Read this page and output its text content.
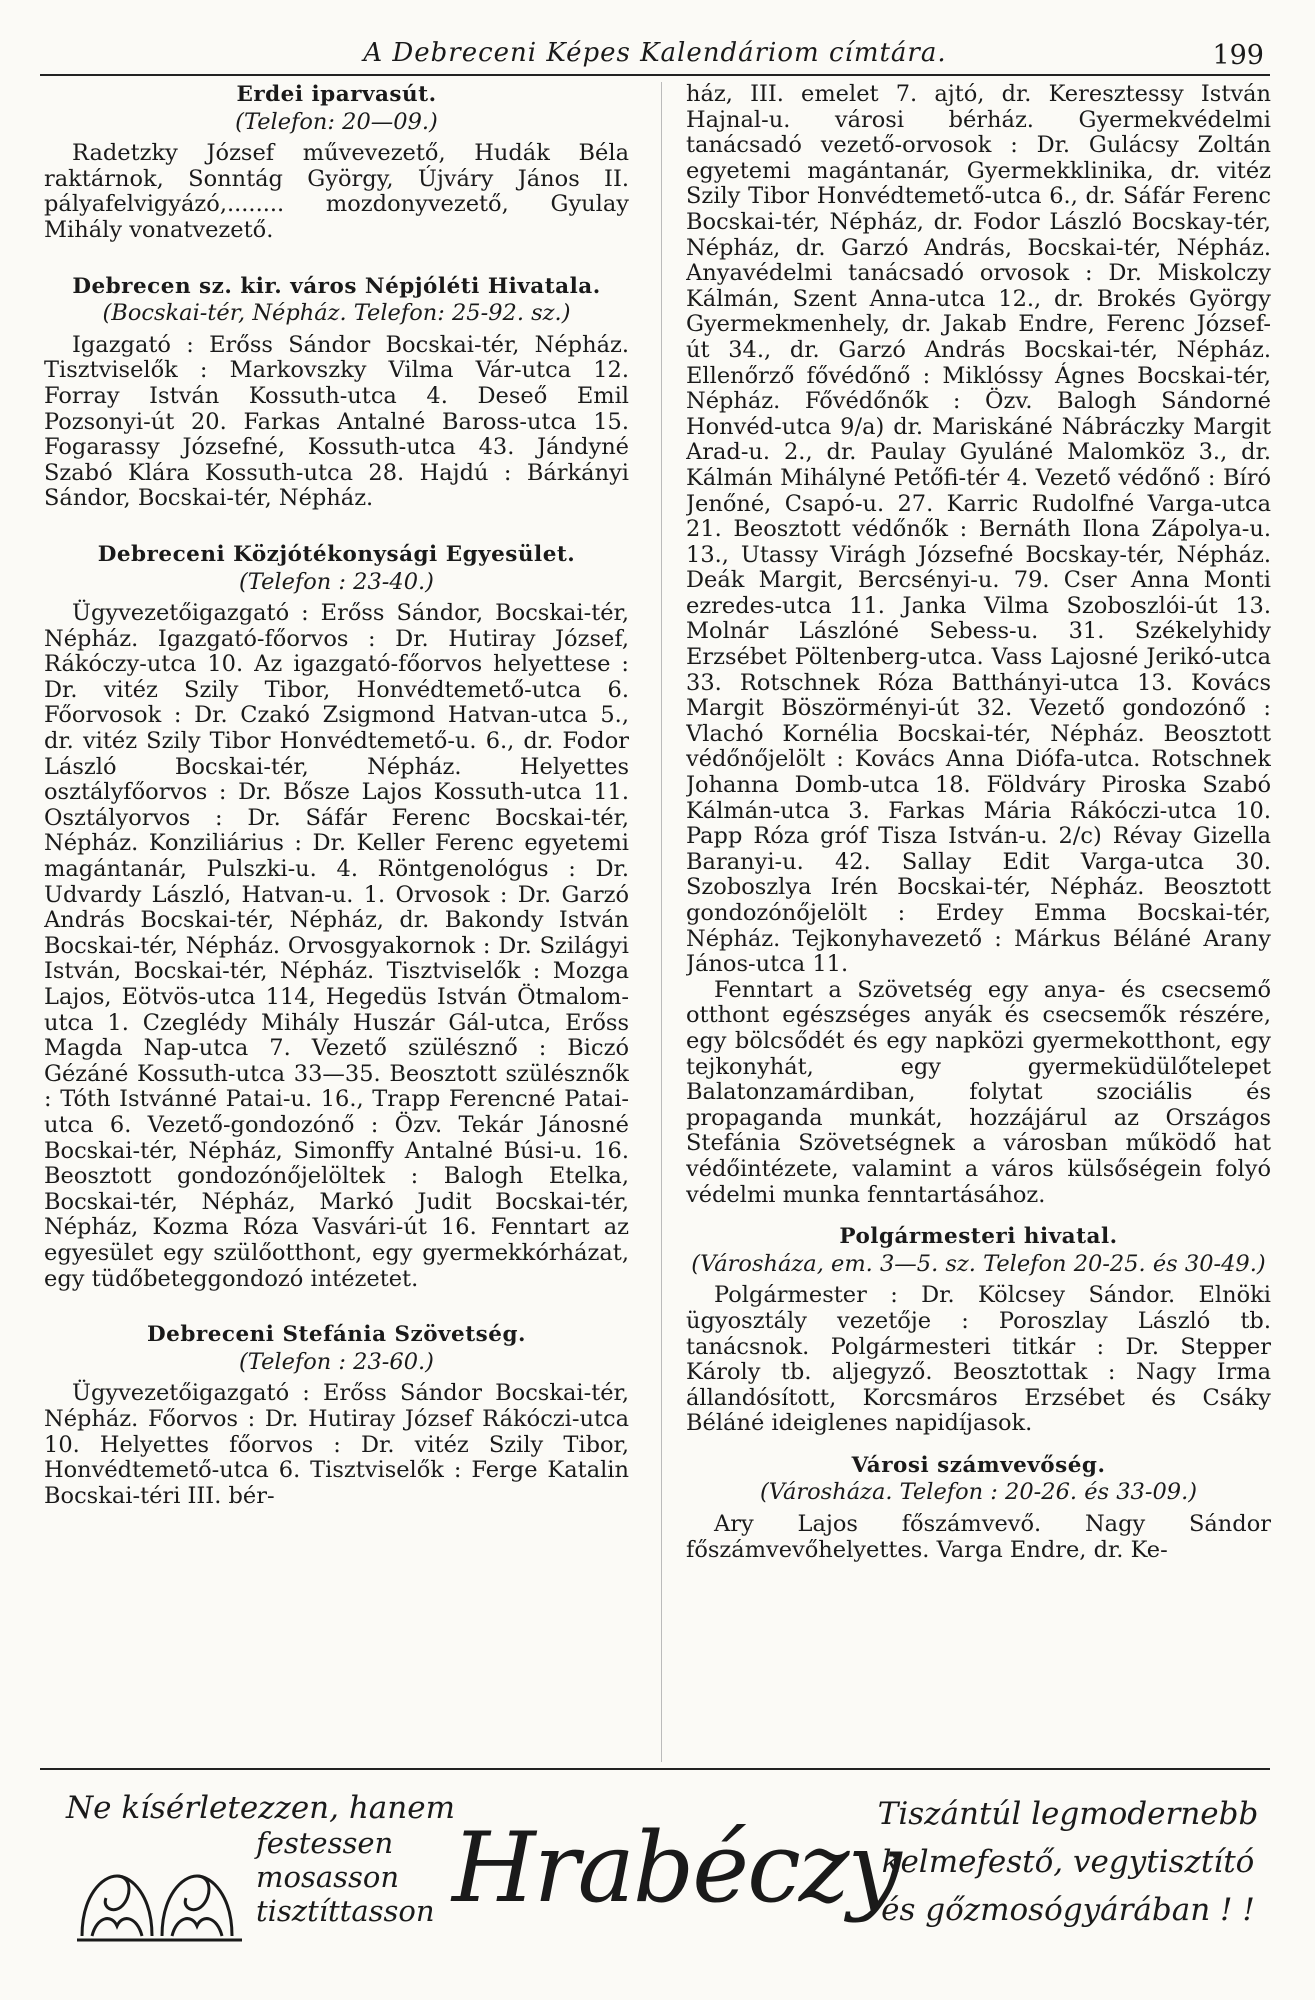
A Debreceni Képes Kalendáriom címtára.	199
Erdei iparvasút.
(Telefon: 20—09.)

Radetzky József művevezető, Hudák Béla raktárnok, Sonntág György, Újváry János II. pályafelvigyázó,........ mozdonyvezető, Gyulay Mihály vonatvezető.

Debrecen sz. kir. város Népjóléti Hivatala.
(Bocskai-tér, Népház. Telefon: 25-92. sz.)

Igazgató : Erőss Sándor Bocskai-tér, Népház. Tisztviselők : Markovszky Vilma Vár-utca 12. Forray István Kossuth-utca 4. Deseő Emil Pozsonyi-út 20. Farkas Antalné Baross-utca 15. Fogarassy Józsefné, Kossuth-utca 43. Jándyné Szabó Klára Kossuth-utca 28. Hajdú : Bárkányi Sándor, Bocskai-tér, Népház.

Debreceni Közjótékonysági Egyesület.
(Telefon : 23-40.)

Ügyvezetőigazgató : Erőss Sándor, Bocskai-tér, Népház. Igazgató-főorvos : Dr. Hutiray József, Rákóczy-utca 10. Az igazgató-főorvos helyettese : Dr. vitéz Szily Tibor, Honvédtemető-utca 6. Főorvosok : Dr. Czakó Zsigmond Hatvan-utca 5., dr. vitéz Szily Tibor Honvédtemető-u. 6., dr. Fodor László Bocskai-tér, Népház. Helyettes osztályfőorvos : Dr. Bősze Lajos Kossuth-utca 11. Osztályorvos : Dr. Sáfár Ferenc Bocskai-tér, Népház. Konziliárius : Dr. Keller Ferenc egyetemi magántanár, Pulszki-u. 4. Röntgenológus : Dr. Udvardy László, Hatvan-u. 1. Orvosok : Dr. Garzó András Bocskai-tér, Népház, dr. Bakondy István Bocskai-tér, Népház. Orvosgyakornok : Dr. Szilágyi István, Bocskai-tér, Népház. Tisztviselők : Mozga Lajos, Eötvös-utca 114, Hegedüs István Ötmalom-utca 1. Czeglédy Mihály Huszár Gál-utca, Erőss Magda Nap-utca 7. Vezető szülésznő : Biczó Gézáné Kossuth-utca 33—35. Beosztott szülésznők : Tóth Istvánné Patai-u. 16., Trapp Ferencné Patai-utca 6. Vezető-gondozónő : Özv. Tekár Jánosné Bocskai-tér, Népház, Simonffy Antalné Búsi-u. 16. Beosztott gondozónőjelöltek : Balogh Etelka, Bocskai-tér, Népház, Markó Judit Bocskai-tér, Népház, Kozma Róza Vasvári-út 16. Fenntart az egyesület egy szülőotthont, egy gyermekkórházat, egy tüdőbeteggondozó intézetet.

Debreceni Stefánia Szövetség.
(Telefon : 23-60.)

Ügyvezetőigazgató : Erőss Sándor Bocskai-tér, Népház. Főorvos : Dr. Hutiray József Rákóczi-utca 10. Helyettes főorvos : Dr. vitéz Szily Tibor, Honvédtemető-utca 6. Tisztviselők : Ferge Katalin Bocskai-téri III. bér-

ház, III. emelet 7. ajtó, dr. Keresztessy István Hajnal-u. városi bérház. Gyermekvédelmi tanácsadó vezető-orvosok : Dr. Gulácsy Zoltán egyetemi magántanár, Gyermekklinika, dr. vitéz Szily Tibor Honvédtemető-utca 6., dr. Sáfár Ferenc Bocskai-tér, Népház, dr. Fodor László Bocskay-tér, Népház, dr. Garzó András, Bocskai-tér, Népház. Anyavédelmi tanácsadó orvosok : Dr. Miskolczy Kálmán, Szent Anna-utca 12., dr. Brokés György Gyermekmenhely, dr. Jakab Endre, Ferenc József-út 34., dr. Garzó András Bocskai-tér, Népház. Ellenőrző fővédőnő : Miklóssy Ágnes Bocskai-tér, Népház. Fővédőnők : Özv. Balogh Sándorné Honvéd-utca 9/a) dr. Mariskáné Nábráczky Margit Arad-u. 2., dr. Paulay Gyuláné Malomköz 3., dr. Kálmán Mihályné Petőfi-tér 4. Vezető védőnő : Bíró Jenőné, Csapó-u. 27. Karric Rudolfné Varga-utca 21. Beosztott védőnők : Bernáth Ilona Zápolya-u. 13., Utassy Virágh Józsefné Bocskay-tér, Népház. Deák Margit, Bercsényi-u. 79. Cser Anna Monti ezredes-utca 11. Janka Vilma Szoboszlói-út 13. Molnár Lászlóné Sebess-u. 31. Székelyhidy Erzsébet Pöltenberg-utca. Vass Lajosné Jerikó-utca 33. Rotschnek Róza Batthányi-utca 13. Kovács Margit Böszörményi-út 32. Vezető gondozónő : Vlachó Kornélia Bocskai-tér, Népház. Beosztott védőnőjelölt : Kovács Anna Diófa-utca. Rotschnek Johanna Domb-utca 18. Földváry Piroska Szabó Kálmán-utca 3. Farkas Mária Rákóczi-utca 10. Papp Róza gróf Tisza István-u. 2/c) Révay Gizella Baranyi-u. 42. Sallay Edit Varga-utca 30. Szoboszlya Irén Bocskai-tér, Népház. Beosztott gondozónőjelölt : Erdey Emma Bocskai-tér, Népház. Tejkonyhavezető : Márkus Béláné Arany János-utca 11.

Fenntart a Szövetség egy anya- és csecsemő otthont egészséges anyák és csecsemők részére, egy bölcsődét és egy napközi gyermekotthont, egy tejkonyhát, egy gyermeküdülőtelepet Balatonzamárdiban, folytat szociális és propaganda munkát, hozzájárul az Országos Stefánia Szövetségnek a városban működő hat védőintézete, valamint a város külsőségein folyó védelmi munka fenntartásához.

Polgármesteri hivatal.
(Városháza, em. 3—5. sz. Telefon 20-25. és 30-49.)

Polgármester : Dr. Kölcsey Sándor. Elnöki ügyosztály vezetője : Poroszlay László tb. tanácsnok. Polgármesteri titkár : Dr. Stepper Károly tb. aljegyző. Beosztottak : Nagy Irma állandósított, Korcsmáros Erzsébet és Csáky Béláné ideiglenes napidíjasok.

Városi számvevőség.
(Városháza. Telefon : 20-26. és 33-09.)

Ary Lajos főszámvevő. Nagy Sándor főszámvevőhelyettes. Varga Endre, dr. Ke-

Ne kísérletezzen, hanem
festessen
mosasson
tisztíttasson Hrabéczy
Tiszántúl legmodernebb
kelmefestő, vegytisztító
és gőzmosógyárában ! !
